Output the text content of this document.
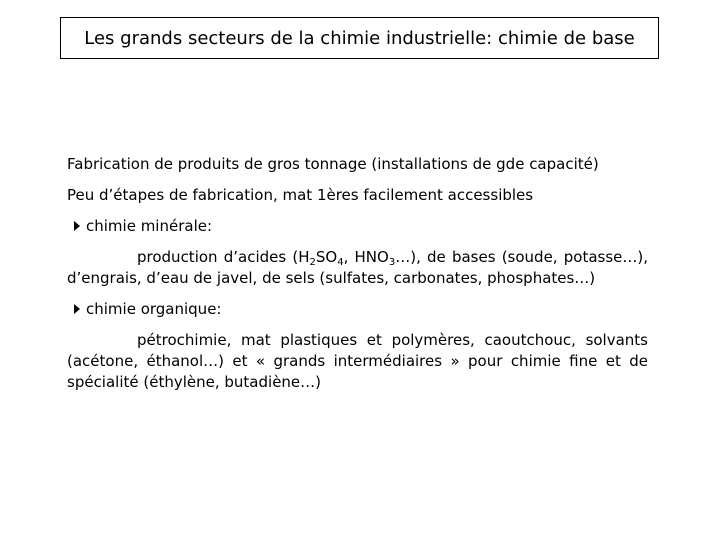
Les grands secteurs de la chimie industrielle: chimie de base
Fabrication de produits de gros tonnage (installations de gde capacité)
Peu d’étapes de fabrication, mat 1ères facilement accessibles
chimie minérale:
production d’acides ($H_2SO_4$, $HNO_3\dots$), de bases (soude, potasse…), d’engrais, d’eau de javel, de sels (sulfates, carbonates, phosphates…)
chimie organique:
pétrochimie, mat plastiques et polymères, caoutchouc, solvants (acétone, éthanol…) et « grands intermédiaires » pour chimie fine et de spécialité (éthylène, butadiène…)
